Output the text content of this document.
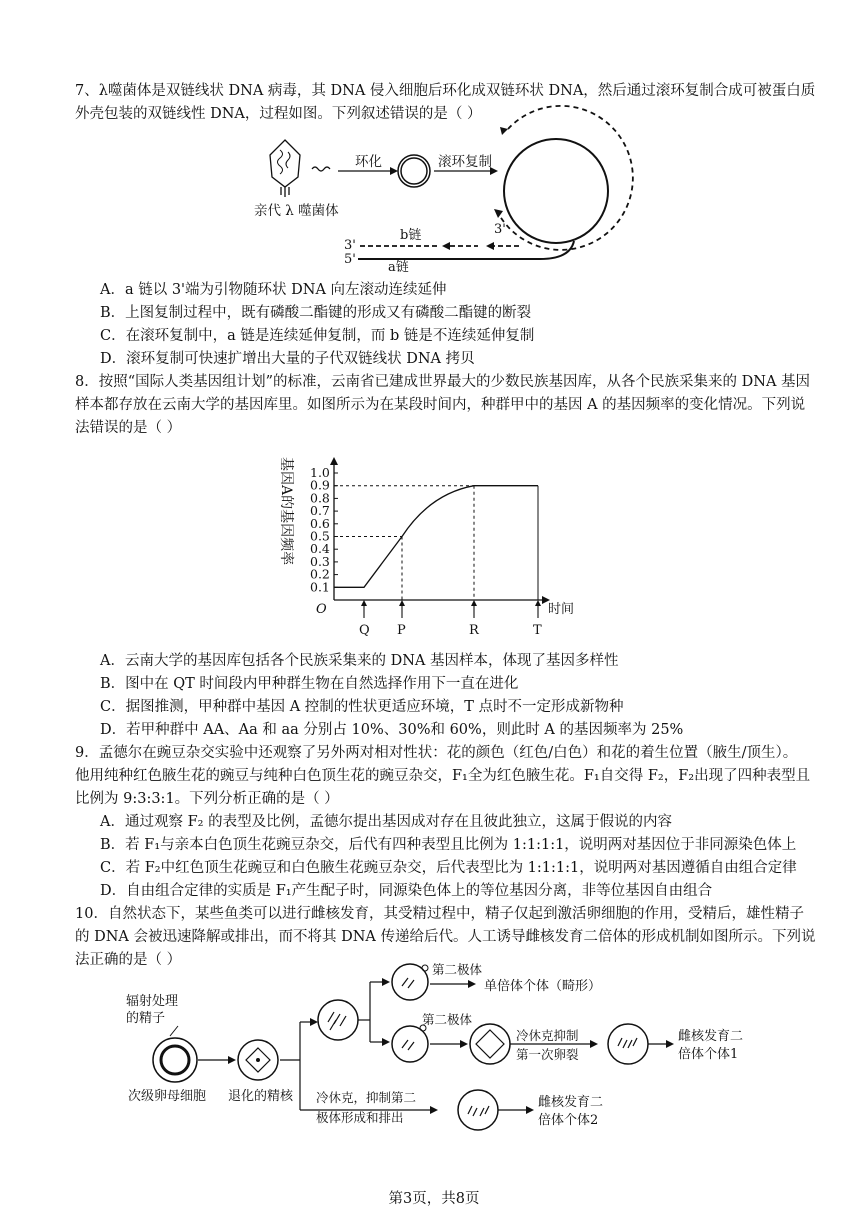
7、λ噬菌体是双链线状 DNA 病毒，其 DNA 侵入细胞后环化成双链环状 DNA，然后通过滚环复制合成可被蛋白质
外壳包装的双链线性 DNA，过程如图。下列叙述错误的是（ ）
亲代 λ 噬菌体
环化	滚环复制
3'
b链
a链
3'
5'
A．a 链以 3'端为引物随环状 DNA 向左滚动连续延伸
B．上图复制过程中，既有磷酸二酯键的形成又有磷酸二酯键的断裂
C．在滚环复制中，a 链是连续延伸复制，而 b 链是不连续延伸复制
D．滚环复制可快速扩增出大量的子代双链线状 DNA 拷贝
8．按照“国际人类基因组计划”的标准，云南省已建成世界最大的少数民族基因库，从各个民族采集来的 DNA 基因
样本都存放在云南大学的基因库里。如图所示为在某段时间内，种群甲中的基因 A 的基因频率的变化情况。下列说
法错误的是（ ）
基因A的基因频率 1.0
0.9
0.8
0.7
0.6
0.5
0.4
0.3
0.2
0.1
Q P	R	T
O	时间
A．云南大学的基因库包括各个民族采集来的 DNA 基因样本，体现了基因多样性
B．图中在 QT 时间段内甲种群生物在自然选择作用下一直在进化
C．据图推测，甲种群中基因 A 控制的性状更适应环境，T 点时不一定形成新物种
D．若甲种群中 AA、Aa 和 aa 分别占 10%、30%和 60%，则此时 A 的基因频率为 25%
9．孟德尔在豌豆杂交实验中还观察了另外两对相对性状：花的颜色（红色/白色）和花的着生位置（腋生/顶生）。
他用纯种红色腋生花的豌豆与纯种白色顶生花的豌豆杂交，F₁全为红色腋生花。F₁自交得 F₂，F₂出现了四种表型且
比例为 9:3:3:1。下列分析正确的是（ ）
A．通过观察 F₂ 的表型及比例，孟德尔提出基因成对存在且彼此独立，这属于假说的内容
B．若 F₁与亲本白色顶生花豌豆杂交，后代有四种表型且比例为 1:1:1:1，说明两对基因位于非同源染色体上
C．若 F₂中红色顶生花豌豆和白色腋生花豌豆杂交，后代表型比为 1:1:1:1，说明两对基因遵循自由组合定律
D．自由组合定律的实质是 F₁产生配子时，同源染色体上的等位基因分离，非等位基因自由组合
10．自然状态下，某些鱼类可以进行雌核发育，其受精过程中，精子仅起到激活卵细胞的作用，受精后，雄性精子
的 DNA 会被迅速降解或排出，而不将其 DNA 传递给后代。人工诱导雌核发育二倍体的形成机制如图所示。下列说
法正确的是（ ）
辐射处理
的精子
次级卵母细胞 退化的精核
第二极体
单倍体个体（畸形）
第二极体
冷休克抑制
第一次卵裂
雌核发育二
倍体个体1
冷休克，抑制第二
极体形成和排出
雌核发育二
倍体个体2
第3页，共8页
